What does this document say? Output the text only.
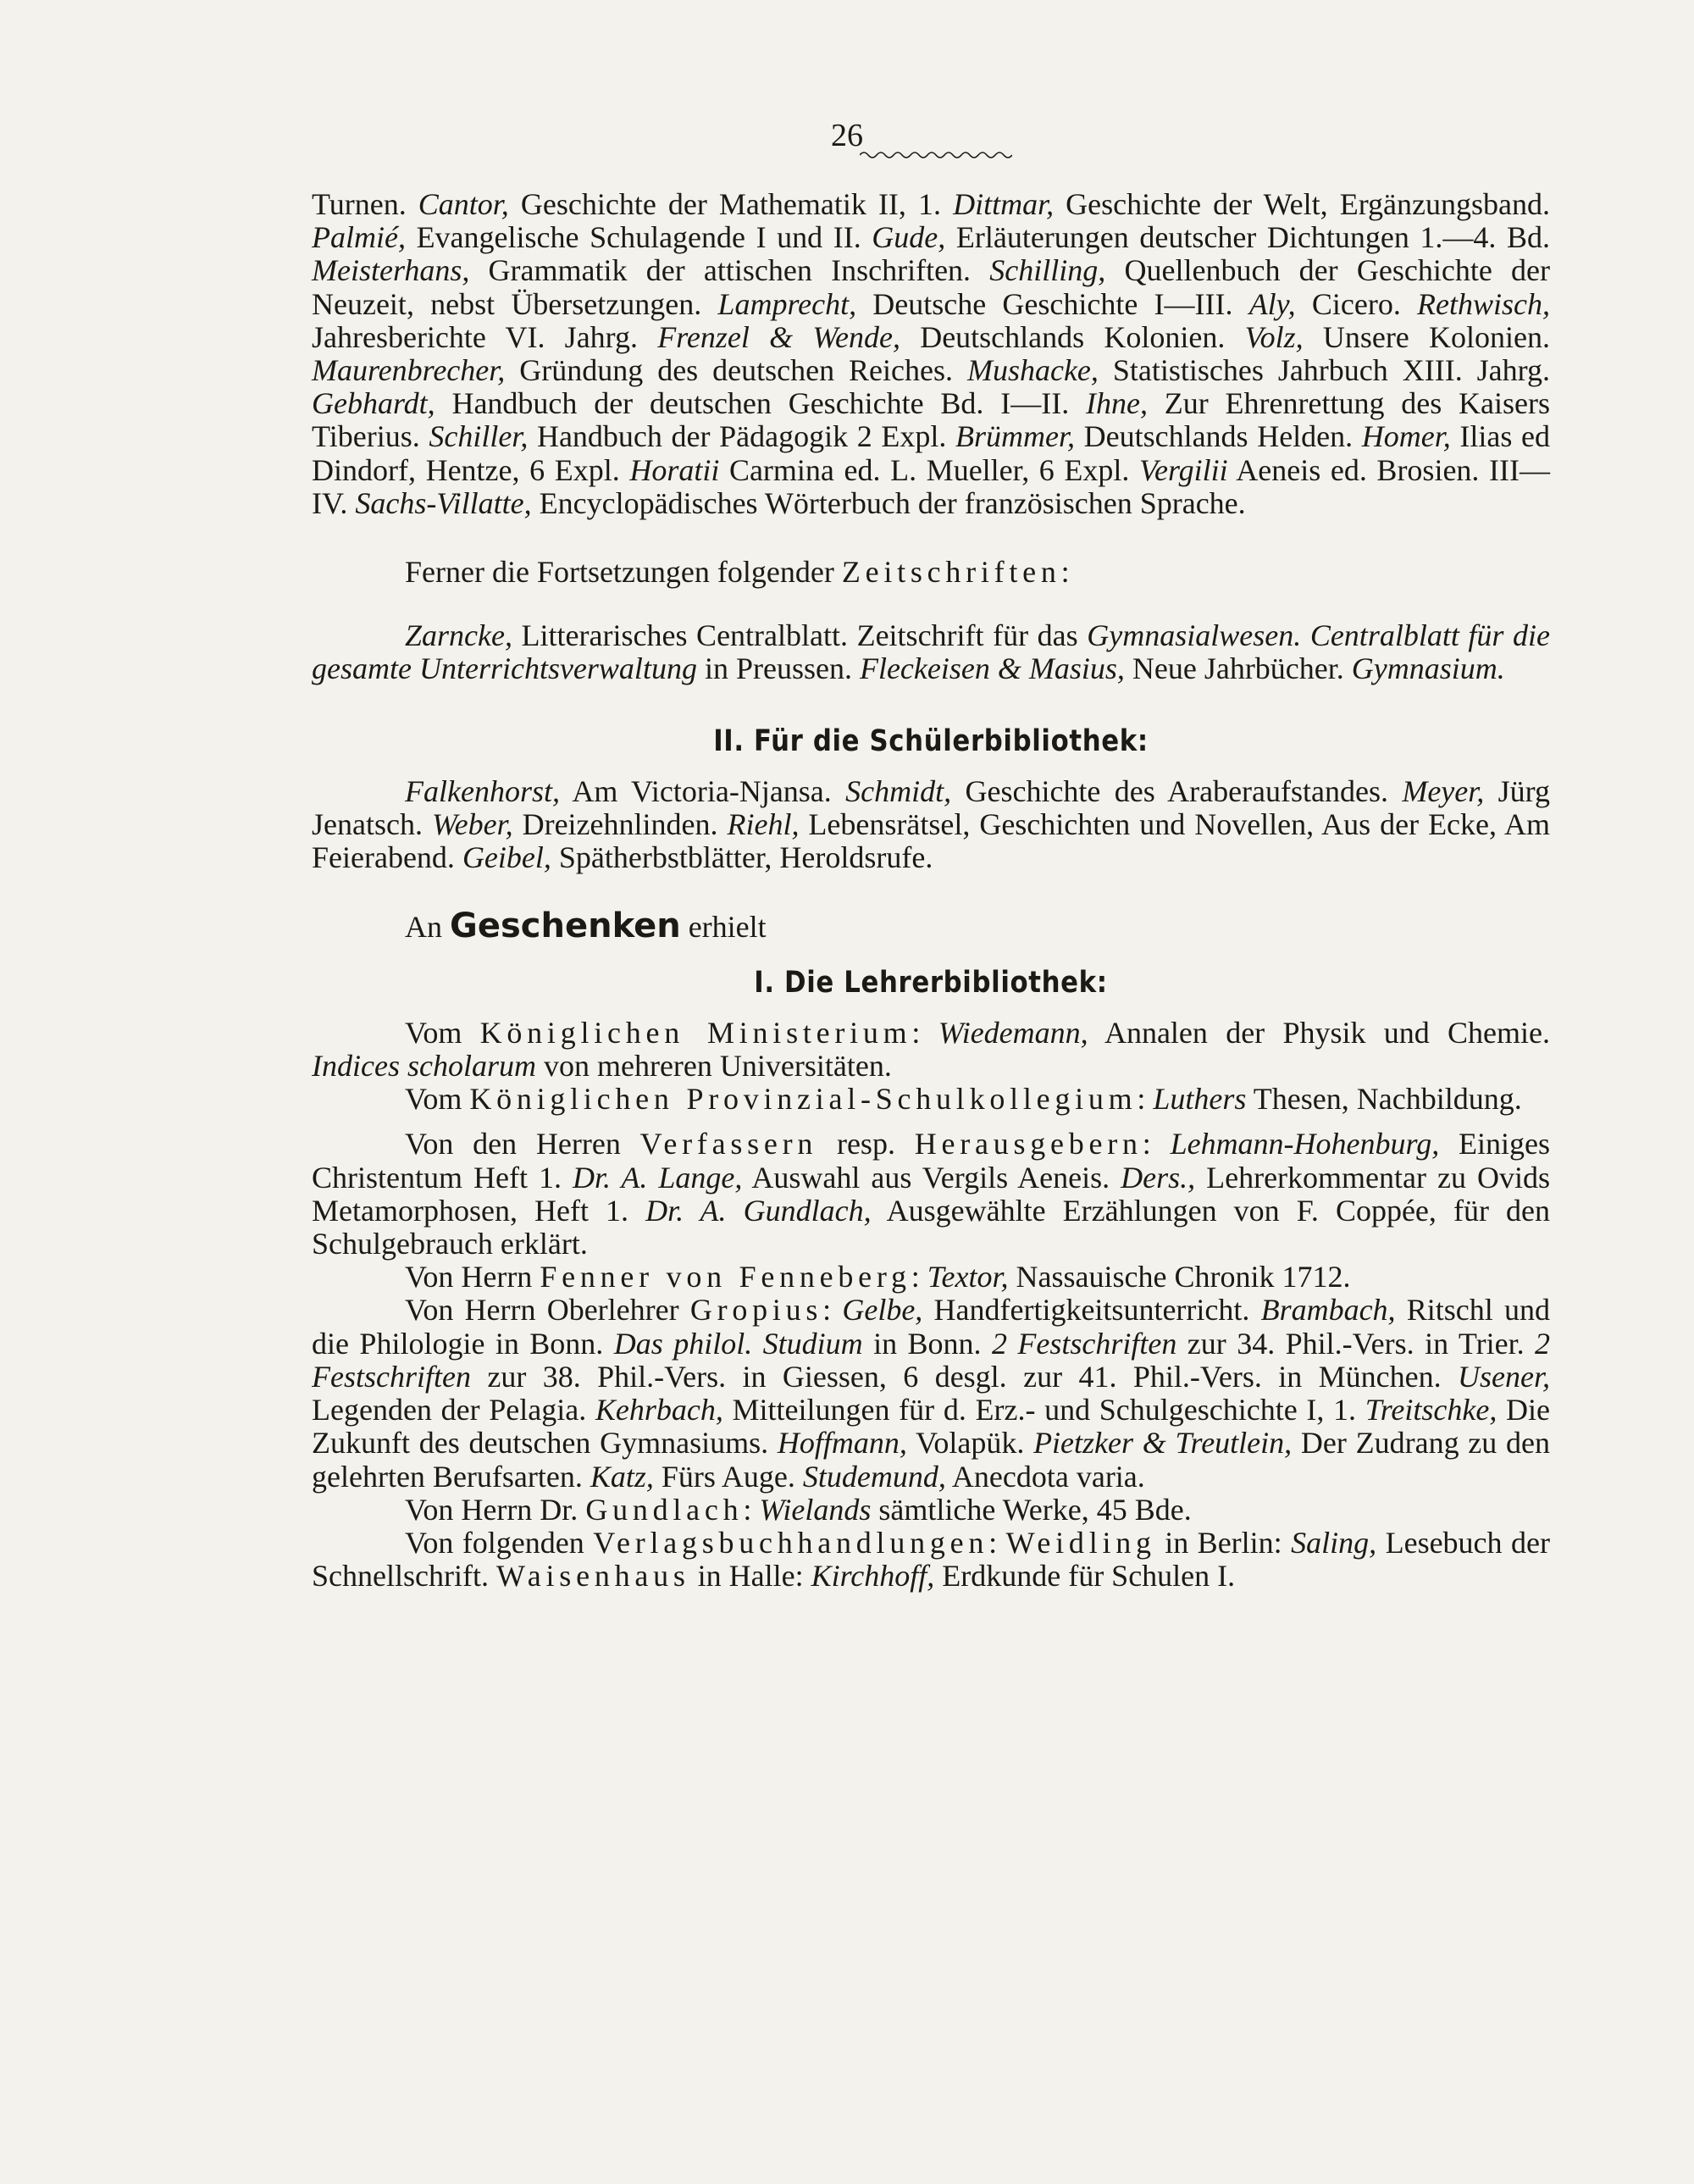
26

Turnen. Cantor, Geschichte der Mathematik II, 1. Dittmar, Geschichte der Welt, Ergänzungsband. Palmié, Evangelische Schulagende I und II. Gude, Erläuterungen deutscher Dichtungen 1.—4. Bd. Meisterhans, Grammatik der attischen Inschriften. Schilling, Quellenbuch der Geschichte der Neuzeit, nebst Übersetzungen. Lamprecht, Deutsche Geschichte I—III. Aly, Cicero. Rethwisch, Jahresberichte VI. Jahrg. Frenzel & Wende, Deutschlands Kolonien. Volz, Unsere Kolonien. Maurenbrecher, Gründung des deutschen Reiches. Mushacke, Statistisches Jahrbuch XIII. Jahrg. Gebhardt, Handbuch der deutschen Geschichte Bd. I—II. Ihne, Zur Ehrenrettung des Kaisers Tiberius. Schiller, Handbuch der Pädagogik 2 Expl. Brümmer, Deutschlands Helden. Homer, Ilias ed Dindorf, Hentze, 6 Expl. Horatii Carmina ed. L. Mueller, 6 Expl. Vergilii Aeneis ed. Brosien. III—IV. Sachs-Villatte, Encyclopädisches Wörterbuch der französischen Sprache.

Ferner die Fortsetzungen folgender Zeitschriften:

Zarncke, Litterarisches Centralblatt. Zeitschrift für das Gymnasialwesen. Centralblatt für die gesamte Unterrichtsverwaltung in Preussen. Fleckeisen & Masius, Neue Jahrbücher. Gymnasium.

II. Für die Schülerbibliothek:

Falkenhorst, Am Victoria-Njansa. Schmidt, Geschichte des Araberaufstandes. Meyer, Jürg Jenatsch. Weber, Dreizehnlinden. Riehl, Lebensrätsel, Geschichten und Novellen, Aus der Ecke, Am Feierabend. Geibel, Spätherbstblätter, Heroldsrufe.

An Geschenken erhielt

I. Die Lehrerbibliothek:

Vom Königlichen Ministerium: Wiedemann, Annalen der Physik und Chemie. Indices scholarum von mehreren Universitäten.

Vom Königlichen Provinzial-Schulkollegium: Luthers Thesen, Nachbildung.

Von den Herren Verfassern resp. Herausgebern: Lehmann-Hohenburg, Einiges Christentum Heft 1. Dr. A. Lange, Auswahl aus Vergils Aeneis. Ders., Lehrerkommentar zu Ovids Metamorphosen, Heft 1. Dr. A. Gundlach, Ausgewählte Erzählungen von F. Coppée, für den Schulgebrauch erklärt.

Von Herrn Fenner von Fenneberg: Textor, Nassauische Chronik 1712.

Von Herrn Oberlehrer Gropius: Gelbe, Handfertigkeitsunterricht. Brambach, Ritschl und die Philologie in Bonn. Das philol. Studium in Bonn. 2 Festschriften zur 34. Phil.-Vers. in Trier. 2 Festschriften zur 38. Phil.-Vers. in Giessen, 6 desgl. zur 41. Phil.-Vers. in München. Usener, Legenden der Pelagia. Kehrbach, Mitteilungen für d. Erz.- und Schulgeschichte I, 1. Treitschke, Die Zukunft des deutschen Gymnasiums. Hoffmann, Volapük. Pietzker & Treutlein, Der Zudrang zu den gelehrten Berufsarten. Katz, Fürs Auge. Studemund, Anecdota varia.

Von Herrn Dr. Gundlach: Wielands sämtliche Werke, 45 Bde.

Von folgenden Verlagsbuchhandlungen: Weidling in Berlin: Saling, Lesebuch der Schnellschrift. Waisenhaus in Halle: Kirchhoff, Erdkunde für Schulen I.
